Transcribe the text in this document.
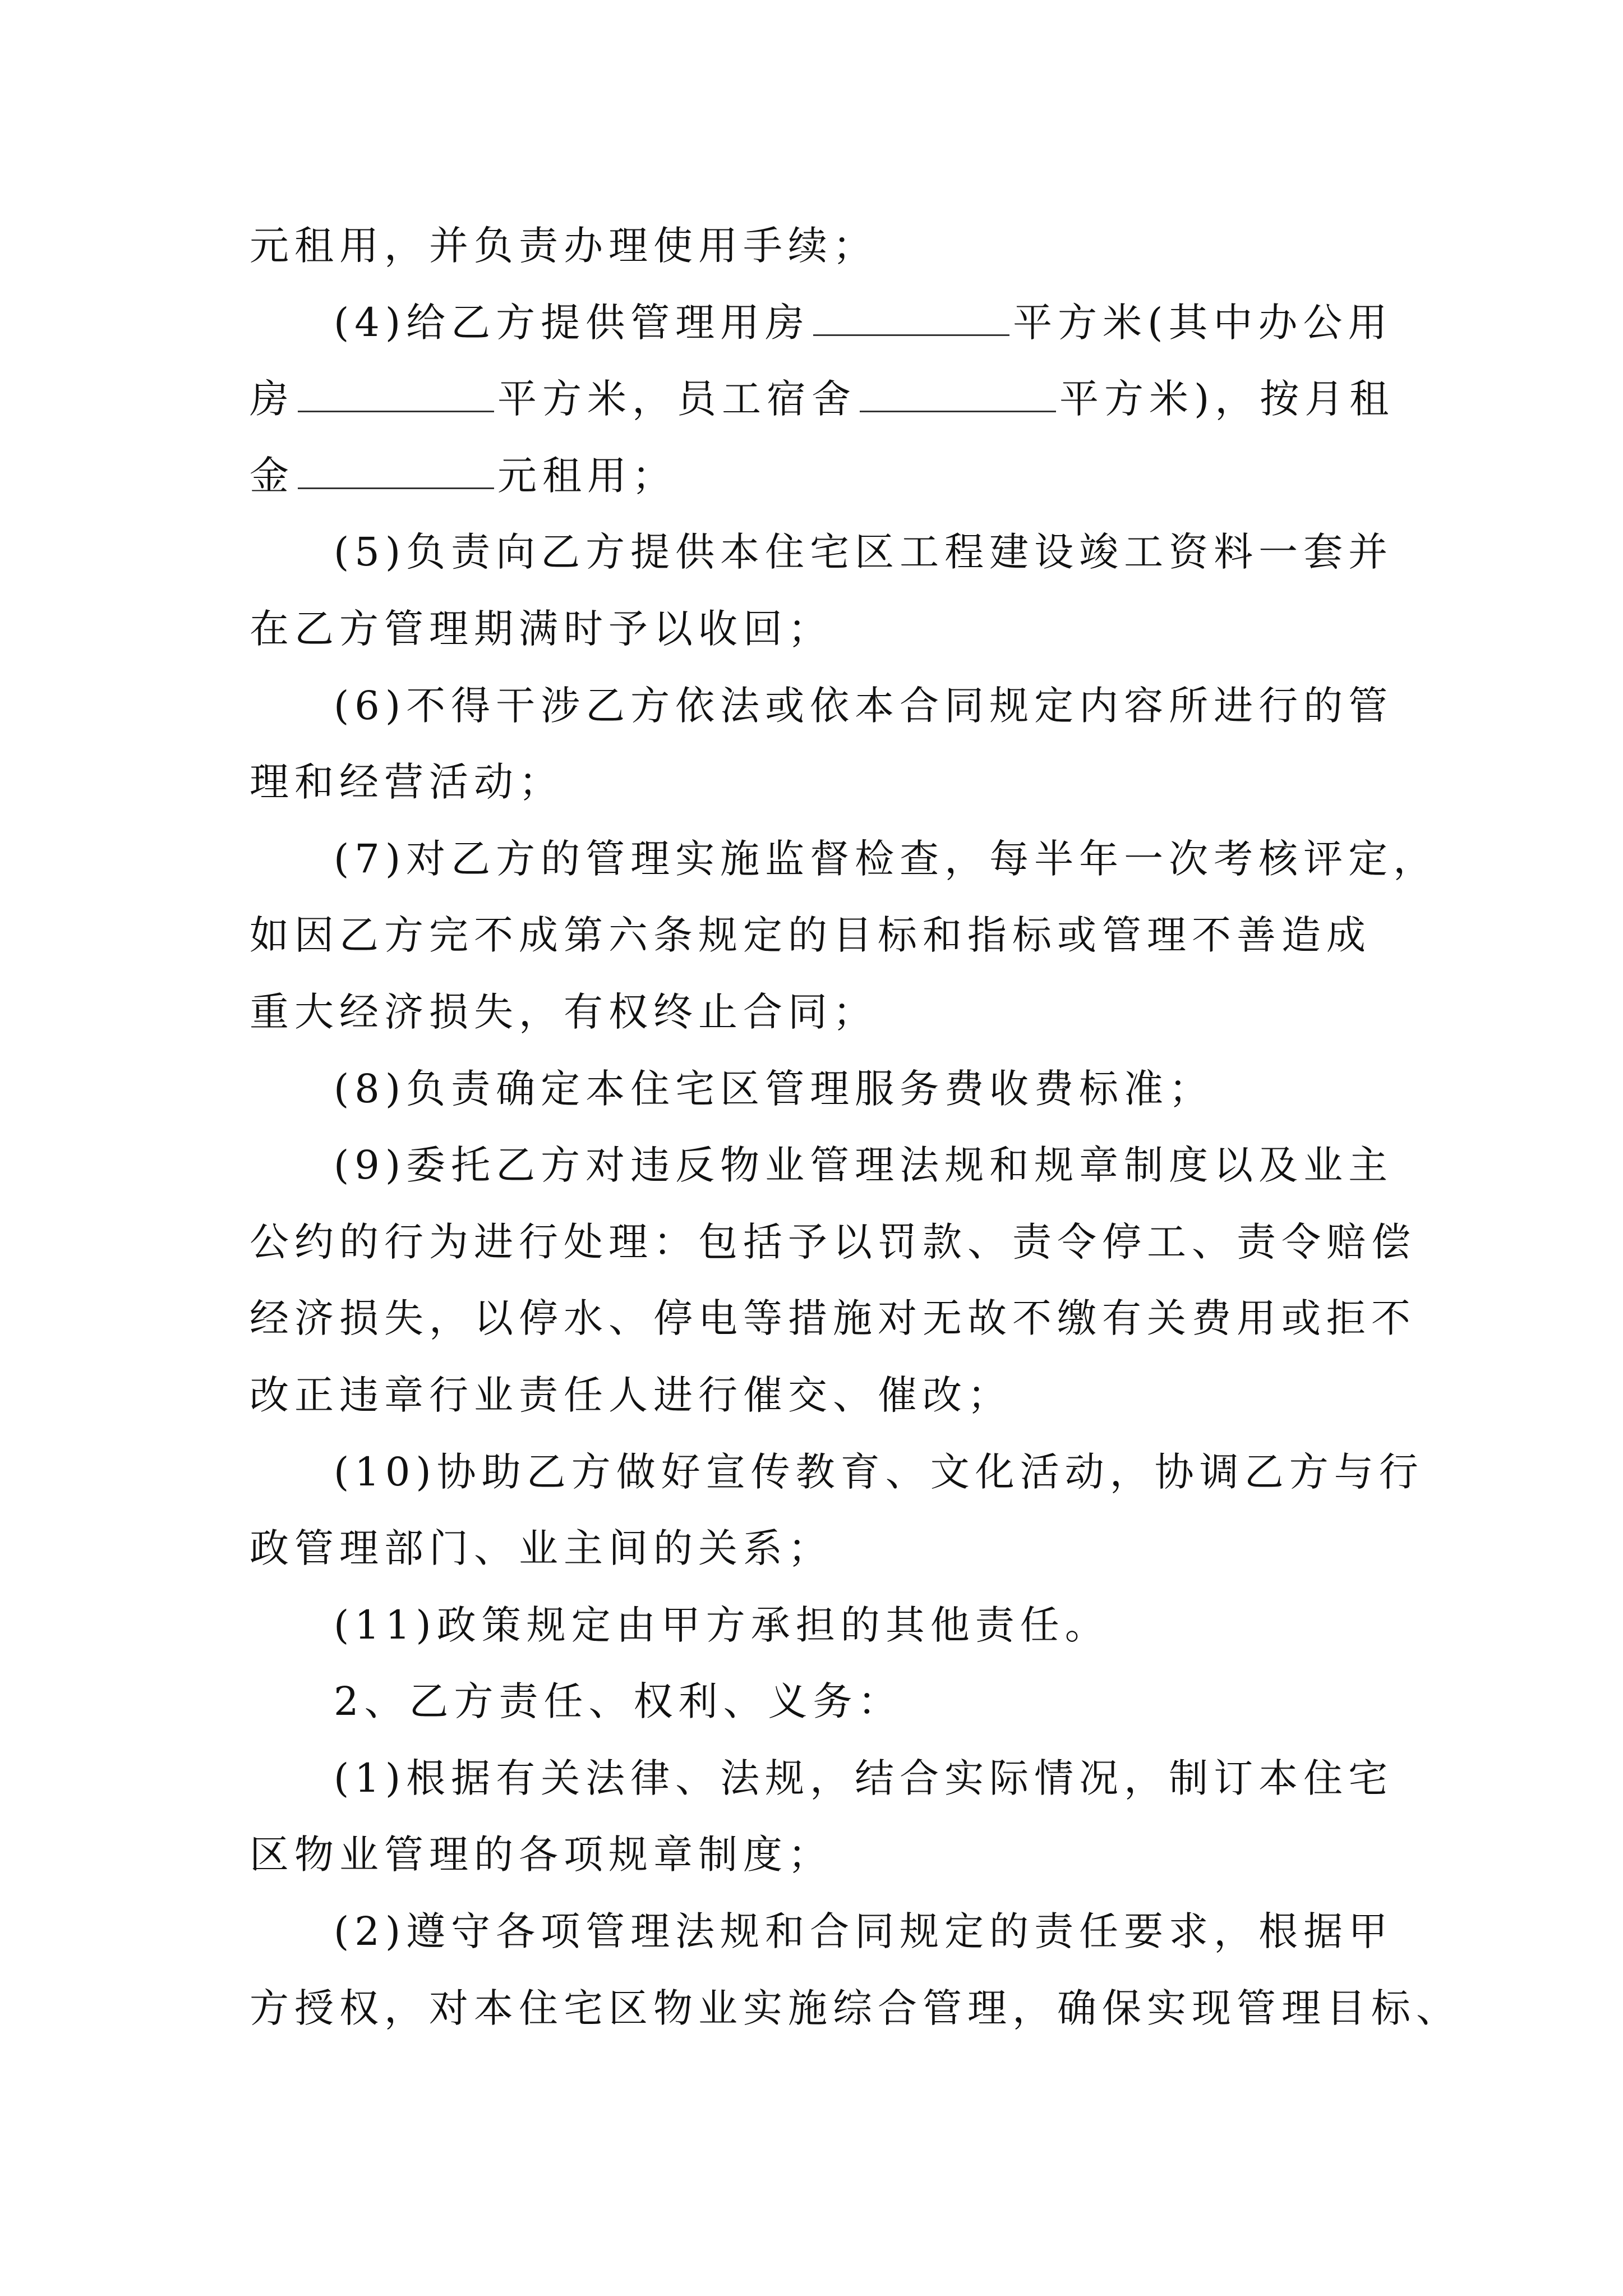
元租用，并负责办理使用手续；
(4)给乙方提供管理用房	平方米(其中办公用
房	平方米，员工宿舍	平方米)，按月租
金	元租用；
(5)负责向乙方提供本住宅区工程建设竣工资料一套并
在乙方管理期满时予以收回；
(6)不得干涉乙方依法或依本合同规定内容所进行的管
理和经营活动；
(7)对乙方的管理实施监督检查，每半年一次考核评定，
如因乙方完不成第六条规定的目标和指标或管理不善造成
重大经济损失，有权终止合同；
(8)负责确定本住宅区管理服务费收费标准；
(9)委托乙方对违反物业管理法规和规章制度以及业主
公约的行为进行处理：包括予以罚款、责令停工、责令赔偿
经济损失，以停水、停电等措施对无故不缴有关费用或拒不
改正违章行业责任人进行催交、催改；
(10)协助乙方做好宣传教育、文化活动，协调乙方与行
政管理部门、业主间的关系；
(11)政策规定由甲方承担的其他责任。
2、乙方责任、权利、义务：
(1)根据有关法律、法规，结合实际情况，制订本住宅
区物业管理的各项规章制度；
(2)遵守各项管理法规和合同规定的责任要求，根据甲
方授权，对本住宅区物业实施综合管理，确保实现管理目标、
